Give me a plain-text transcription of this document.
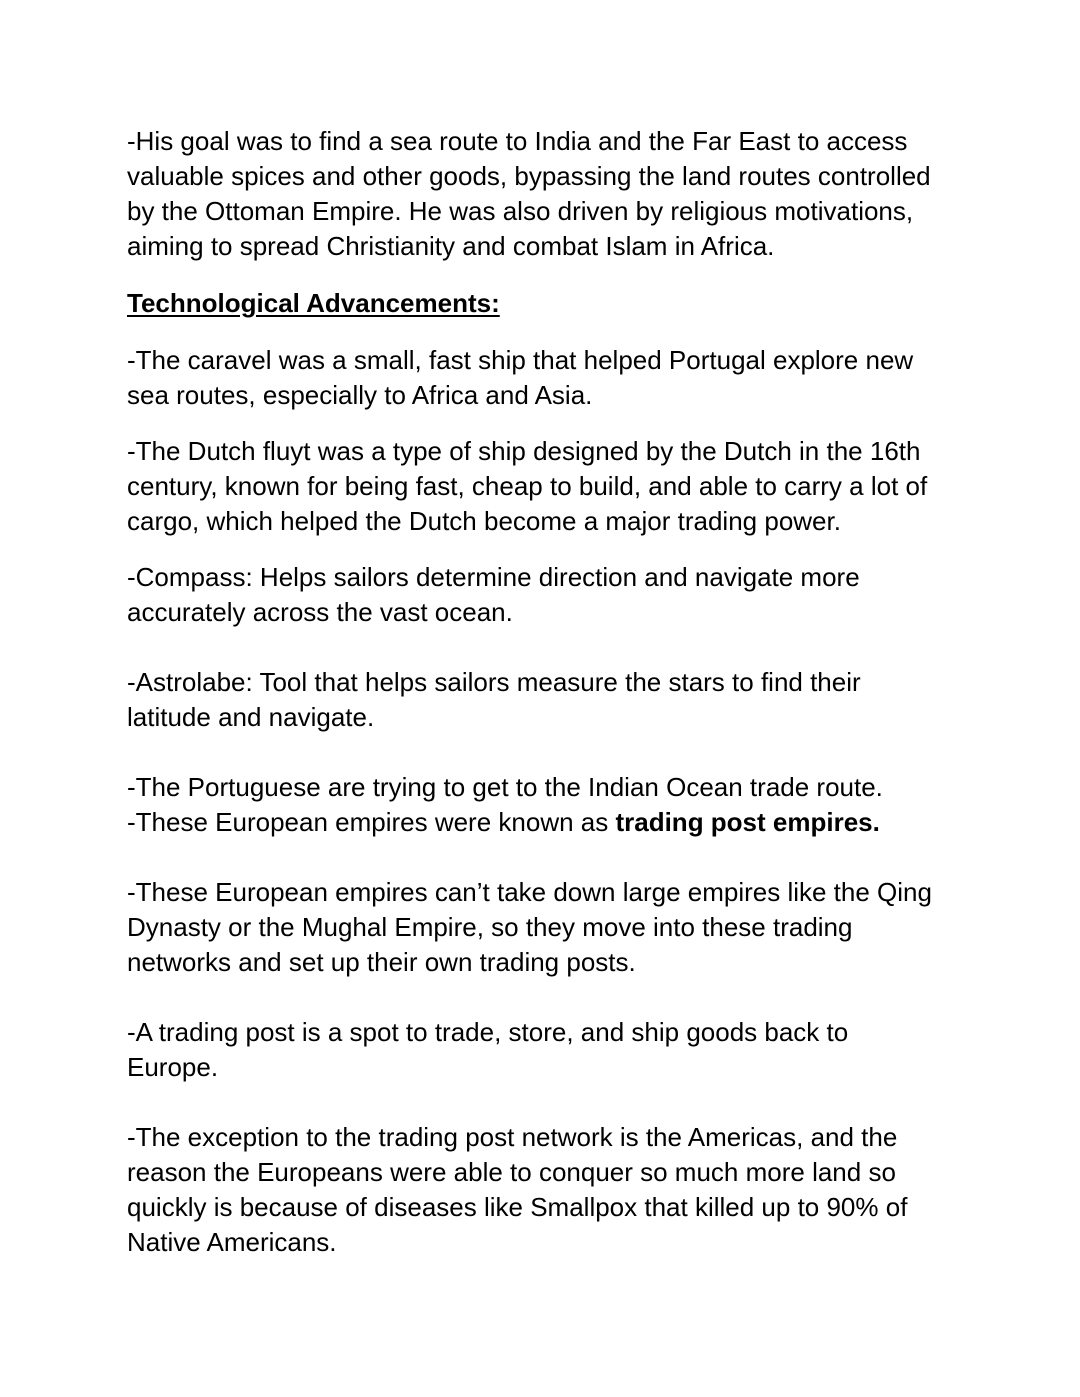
-His goal was to find a sea route to India and the Far East to access
valuable spices and other goods, bypassing the land routes controlled
by the Ottoman Empire. He was also driven by religious motivations,
aiming to spread Christianity and combat Islam in Africa.

Technological Advancements:

-The caravel was a small, fast ship that helped Portugal explore new
sea routes, especially to Africa and Asia.

-The Dutch fluyt was a type of ship designed by the Dutch in the 16th
century, known for being fast, cheap to build, and able to carry a lot of
cargo, which helped the Dutch become a major trading power.

-Compass: Helps sailors determine direction and navigate more
accurately across the vast ocean.

-Astrolabe: Tool that helps sailors measure the stars to find their
latitude and navigate.

-The Portuguese are trying to get to the Indian Ocean trade route.
-These European empires were known as trading post empires.

-These European empires can’t take down large empires like the Qing
Dynasty or the Mughal Empire, so they move into these trading
networks and set up their own trading posts.

-A trading post is a spot to trade, store, and ship goods back to
Europe.

-The exception to the trading post network is the Americas, and the
reason the Europeans were able to conquer so much more land so
quickly is because of diseases like Smallpox that killed up to 90% of
Native Americans.
